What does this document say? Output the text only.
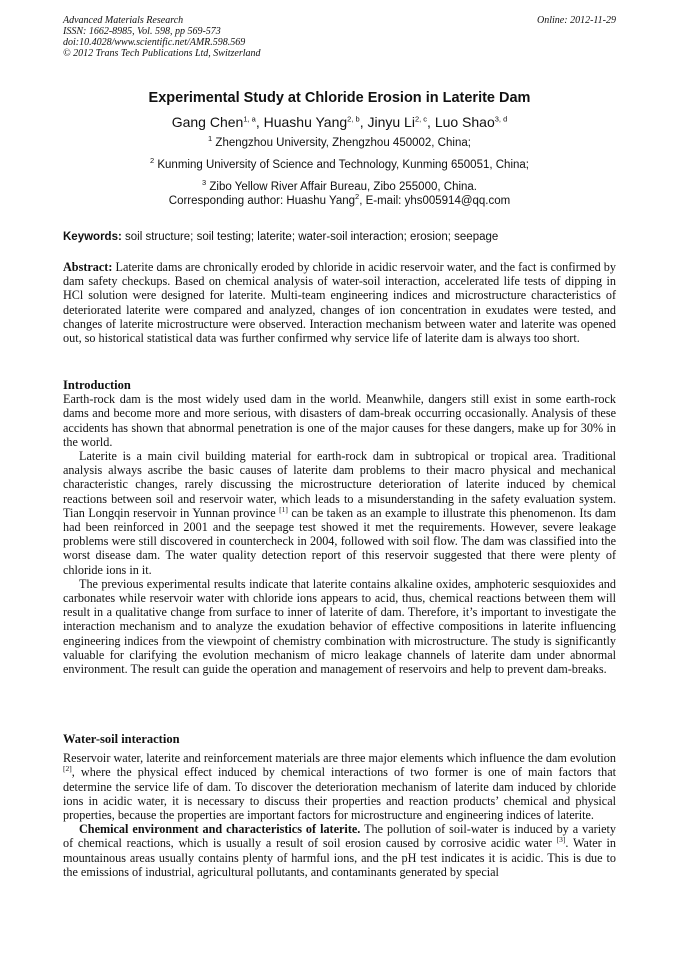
Advanced Materials Research
ISSN: 1662-8985, Vol. 598, pp 569-573
doi:10.4028/www.scientific.net/AMR.598.569
© 2012 Trans Tech Publications Ltd, Switzerland
Online: 2012-11-29
Experimental Study at Chloride Erosion in Laterite Dam
Gang Chen$^{1, a}$, Huashu Yang$^{2, b}$, Jinyu Li$^{2, c}$, Luo Shao$^{3, d}$
$^1$ Zhengzhou University, Zhengzhou 450002, China;
$^2$ Kunming University of Science and Technology, Kunming 650051, China;
$^3$ Zibo Yellow River Affair Bureau, Zibo 255000, China.
Corresponding author: Huashu Yang$^2$, E-mail: yhs005914@qq.com
Keywords: soil structure; soil testing; laterite; water-soil interaction; erosion; seepage

Abstract: Laterite dams are chronically eroded by chloride in acidic reservoir water, and the fact is confirmed by dam safety checkups. Based on chemical analysis of water-soil interaction, accelerated life tests of dipping in HCl solution were designed for laterite. Multi-team engineering indices and microstructure characteristics of deteriorated laterite were compared and analyzed, changes of ion concentration in exudates were tested, and changes of laterite microstructure were observed. Interaction mechanism between water and laterite was opened out, so historical statistical data was further confirmed why service life of laterite dam is always too short.

Introduction

Earth-rock dam is the most widely used dam in the world. Meanwhile, dangers still exist in some earth-rock dams and become more and more serious, with disasters of dam-break occurring occasionally. Analysis of these accidents has shown that abnormal penetration is one of the major causes for these dangers, make up for 30% in the world.

Laterite is a main civil building material for earth-rock dam in subtropical or tropical area. Traditional analysis always ascribe the basic causes of laterite dam problems to their macro physical and mechanical characteristic changes, rarely discussing the microstructure deterioration of laterite induced by chemical reactions between soil and reservoir water, which leads to a misunderstanding in the safety evaluation system. Tian Longqin reservoir in Yunnan province [1] can be taken as an example to illustrate this phenomenon. Its dam had been reinforced in 2001 and the seepage test showed it met the requirements. However, severe leakage problems were still discovered in countercheck in 2004, followed with soil flow. The dam was classified into the worst disease dam. The water quality detection report of this reservoir suggested that there were plenty of chloride ions in it.

The previous experimental results indicate that laterite contains alkaline oxides, amphoteric sesquioxides and carbonates while reservoir water with chloride ions appears to acid, thus, chemical reactions between them will result in a qualitative change from surface to inner of laterite of dam. Therefore, it’s important to investigate the interaction mechanism and to analyze the exudation behavior of effective compositions in laterite influencing engineering indices from the viewpoint of chemistry combination with microstructure. The study is significantly valuable for clarifying the evolution mechanism of micro leakage channels of laterite dam under abnormal environment. The result can guide the operation and management of reservoirs and help to prevent dam-breaks.

Water-soil interaction

Reservoir water, laterite and reinforcement materials are three major elements which influence the dam evolution [2], where the physical effect induced by chemical interactions of two former is one of main factors that determine the service life of dam. To discover the deterioration mechanism of laterite dam induced by chloride ions in acidic water, it is necessary to discuss their properties and reaction products’ chemical and physical properties, because the properties are important factors for microstructure and engineering indices of laterite.

Chemical environment and characteristics of laterite. The pollution of soil-water is induced by a variety of chemical reactions, which is usually a result of soil erosion caused by corrosive acidic water [3]. Water in mountainous areas usually contains plenty of harmful ions, and the pH test indicates it is acidic. This is due to the emissions of industrial, agricultural pollutants, and contaminants generated by special
